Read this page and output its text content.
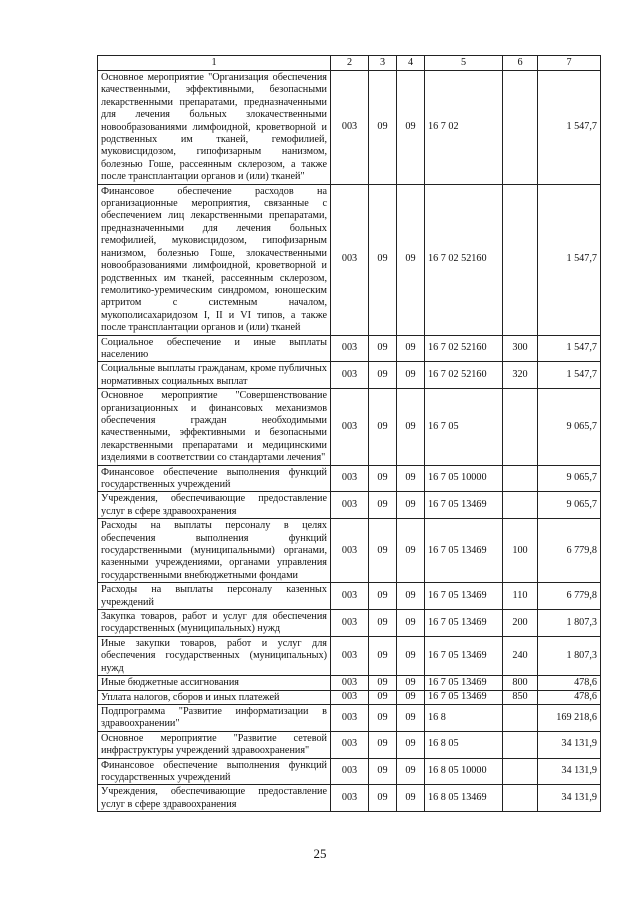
1	2	3	4	5	6	7
Основное мероприятие "Организация обеспечения качественными, эффективными, безопасными лекарственными препаратами, предназначенными для лечения больных злокачественными новообразованиями лимфоидной, кроветворной и родственных им тканей, гемофилией, муковисцидозом, гипофизарным нанизмом, болезнью Гоше, рассеянным склерозом, а также после трансплантации органов и (или) тканей"	003	09	09	16 7 02		1 547,7
Финансовое обеспечение расходов на организационные мероприятия, связанные с обеспечением лиц лекарственными препаратами, предназначенными для лечения больных гемофилией, муковисцидозом, гипофизарным нанизмом, болезнью Гоше, злокачественными новообразованиями лимфоидной, кроветворной и родственных им тканей, рассеянным склерозом, гемолитико-уремическим синдромом, юношеским артритом с системным началом, мукополисахаридозом I, II и VI типов, а также после трансплантации органов и (или) тканей	003	09	09	16 7 02 52160		1 547,7
Социальное обеспечение и иные выплаты населению	003	09	09	16 7 02 52160	300	1 547,7
Социальные выплаты гражданам, кроме публичных нормативных социальных выплат	003	09	09	16 7 02 52160	320	1 547,7
Основное мероприятие "Совершенствование организационных и финансовых механизмов обеспечения граждан необходимыми качественными, эффективными и безопасными лекарственными препаратами и медицинскими изделиями в соответствии со стандартами лечения"	003	09	09	16 7 05		9 065,7
Финансовое обеспечение выполнения функций государственных учреждений	003	09	09	16 7 05 10000		9 065,7
Учреждения, обеспечивающие предоставление услуг в сфере здравоохранения	003	09	09	16 7 05 13469		9 065,7
Расходы на выплаты персоналу в целях обеспечения выполнения функций государственными (муниципальными) органами, казенными учреждениями, органами управления государственными внебюджетными фондами	003	09	09	16 7 05 13469	100	6 779,8
Расходы на выплаты персоналу казенных учреждений	003	09	09	16 7 05 13469	110	6 779,8
Закупка товаров, работ и услуг для обеспечения государственных (муниципальных) нужд	003	09	09	16 7 05 13469	200	1 807,3
Иные закупки товаров, работ и услуг для обеспечения государственных (муниципальных) нужд	003	09	09	16 7 05 13469	240	1 807,3
Иные бюджетные ассигнования	003	09	09	16 7 05 13469	800	478,6
Уплата налогов, сборов и иных платежей	003	09	09	16 7 05 13469	850	478,6
Подпрограмма "Развитие информатизации в здравоохранении"	003	09	09	16 8		169 218,6
Основное мероприятие "Развитие сетевой инфраструктуры учреждений здравоохранения"	003	09	09	16 8 05		34 131,9
Финансовое обеспечение выполнения функций государственных учреждений	003	09	09	16 8 05 10000		34 131,9
Учреждения, обеспечивающие предоставление услуг в сфере здравоохранения	003	09	09	16 8 05 13469		34 131,9
25
